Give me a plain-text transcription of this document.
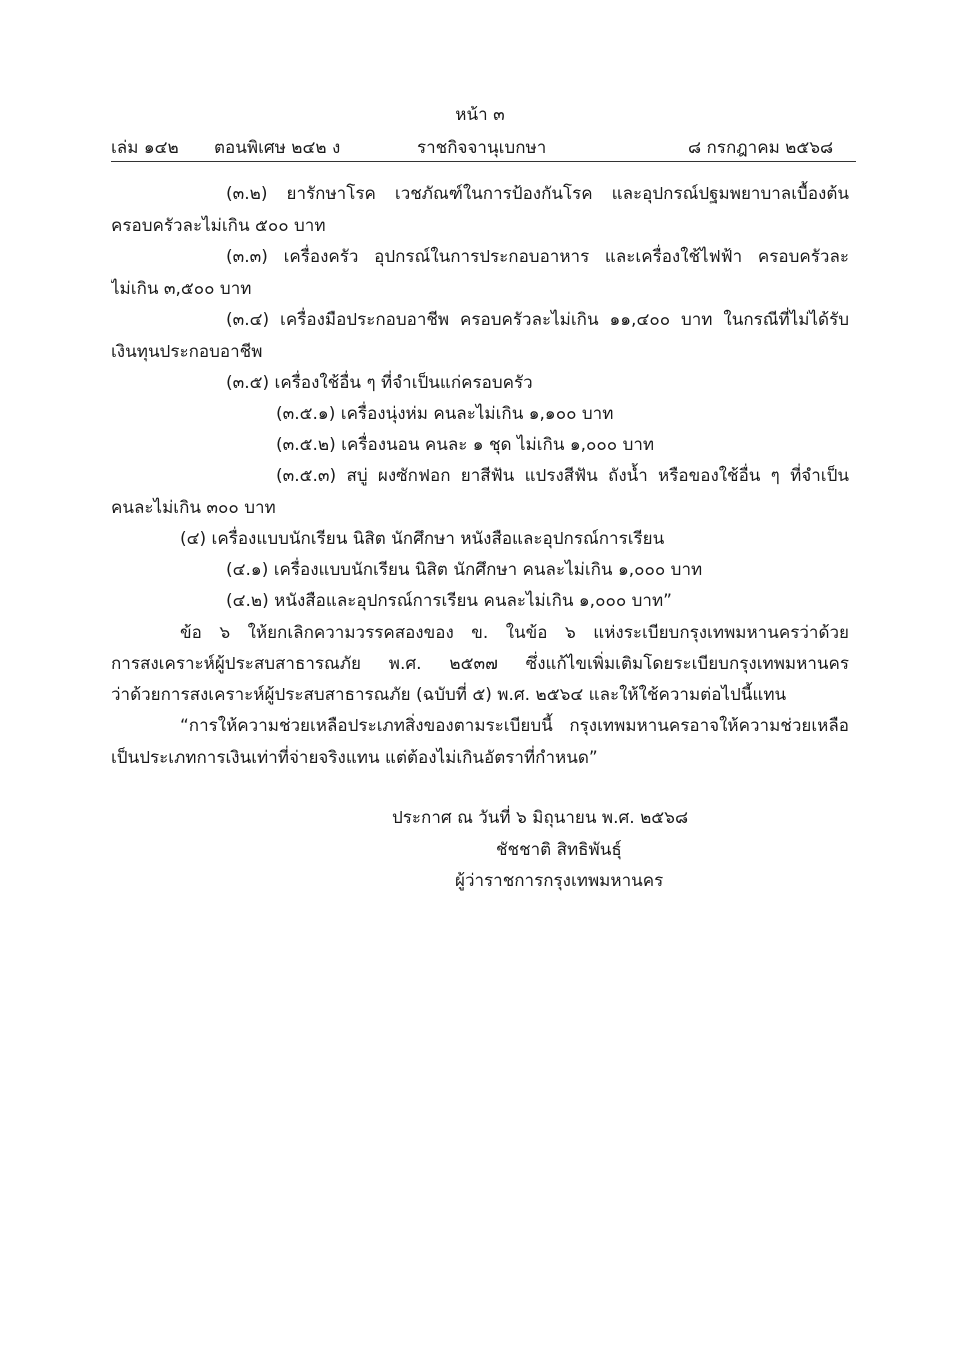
หน้า ๓
เล่ม ๑๔๒ ตอนพิเศษ ๒๔๒ ง	ราชกิจจานุเบกษา	๘ กรกฎาคม ๒๕๖๘
(๓.๒) ยารักษาโรค เวชภัณฑ์ในการป้องกันโรค และอุปกรณ์ปฐมพยาบาลเบื้องต้น
ครอบครัวละไม่เกิน ๕๐๐ บาท
(๓.๓) เครื่องครัว อุปกรณ์ในการประกอบอาหาร และเครื่องใช้ไฟฟ้า ครอบครัวละ
ไม่เกิน ๓,๕๐๐ บาท
(๓.๔) เครื่องมือประกอบอาชีพ ครอบครัวละไม่เกิน ๑๑,๔๐๐ บาท ในกรณีที่ไม่ได้รับ
เงินทุนประกอบอาชีพ
(๓.๕) เครื่องใช้อื่น ๆ ที่จำเป็นแก่ครอบครัว
(๓.๕.๑) เครื่องนุ่งห่ม คนละไม่เกิน ๑,๑๐๐ บาท
(๓.๕.๒) เครื่องนอน คนละ ๑ ชุด ไม่เกิน ๑,๐๐๐ บาท
(๓.๕.๓) สบู่ ผงซักฟอก ยาสีฟัน แปรงสีฟัน ถังน้ำ หรือของใช้อื่น ๆ ที่จำเป็น
คนละไม่เกิน ๓๐๐ บาท
(๔) เครื่องแบบนักเรียน นิสิต นักศึกษา หนังสือและอุปกรณ์การเรียน
(๔.๑) เครื่องแบบนักเรียน นิสิต นักศึกษา คนละไม่เกิน ๑,๐๐๐ บาท
(๔.๒) หนังสือและอุปกรณ์การเรียน คนละไม่เกิน ๑,๐๐๐ บาท”
ข้อ ๖ ให้ยกเลิกความวรรคสองของ ข. ในข้อ ๖ แห่งระเบียบกรุงเทพมหานครว่าด้วย
การสงเคราะห์ผู้ประสบสาธารณภัย พ.ศ. ๒๕๓๗ ซึ่งแก้ไขเพิ่มเติมโดยระเบียบกรุงเทพมหานคร
ว่าด้วยการสงเคราะห์ผู้ประสบสาธารณภัย (ฉบับที่ ๕) พ.ศ. ๒๕๖๔ และให้ใช้ความต่อไปนี้แทน
“การให้ความช่วยเหลือประเภทสิ่งของตามระเบียบนี้ กรุงเทพมหานครอาจให้ความช่วยเหลือ
เป็นประเภทการเงินเท่าที่จ่ายจริงแทน แต่ต้องไม่เกินอัตราที่กำหนด”
ประกาศ ณ วันที่ ๖ มิถุนายน พ.ศ. ๒๕๖๘
ชัชชาติ สิทธิพันธุ์
ผู้ว่าราชการกรุงเทพมหานคร
